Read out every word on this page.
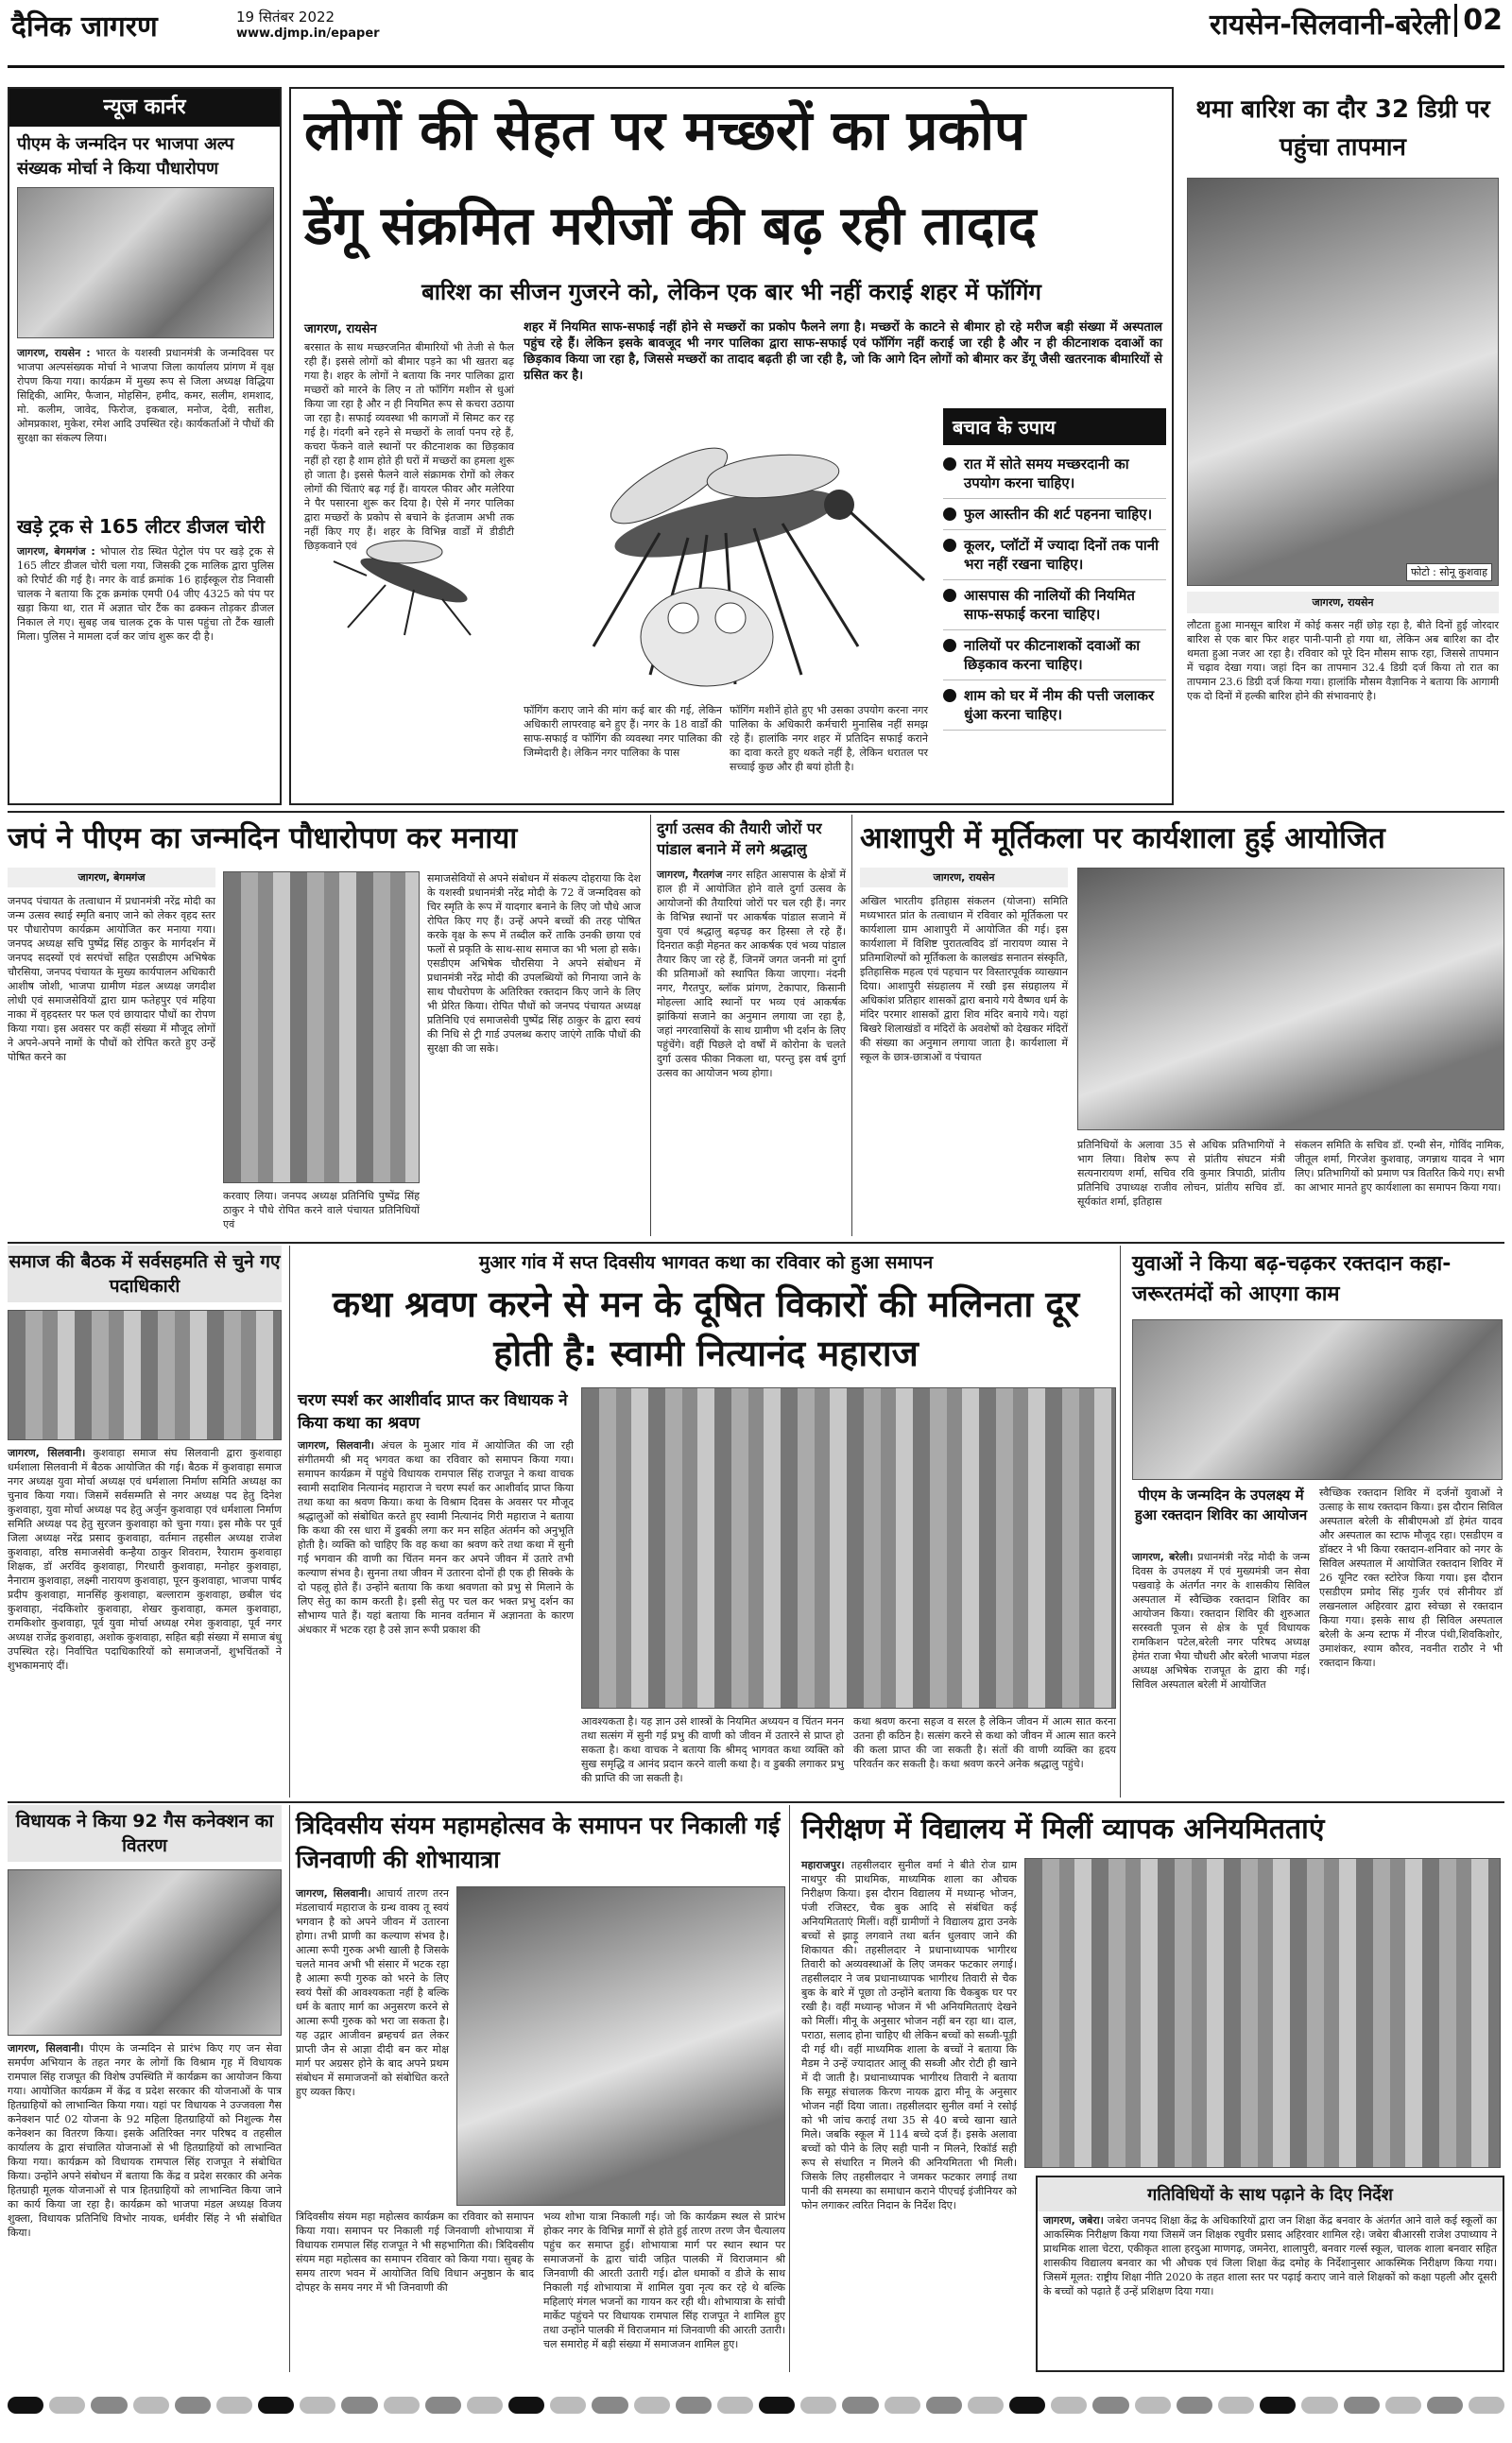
दैनिक जागरण	19 सितंबर 2022
www.djmp.in/epaper	रायसेन-सिलवानी-बरेली 02
न्यूज कार्नर
पीएम के जन्मदिन पर भाजपा अल्प संख्यक मोर्चा ने किया पौधारोपण
जागरण, रायसेन : भारत के यशस्वी प्रधानमंत्री के जन्मदिवस पर भाजपा अल्पसंख्यक मोर्चा ने भाजपा जिला कार्यालय प्रांगण में वृक्ष रोपण किया गया। कार्यक्रम में मुख्य रूप से जिला अध्यक्ष विद्धिया सिद्दिकी, आमिर, फैजान, मोहसिन, हमीद, कमर, सलीम, शमशाद, मो. कलीम, जावेद, फिरोज, इकबाल, मनोज, देवी, सतीश, ओमप्रकाश, मुकेश, रमेश आदि उपस्थित रहे। कार्यकर्ताओं ने पौधों की सुरक्षा का संकल्प लिया।
खड़े ट्रक से 165 लीटर डीजल चोरी
जागरण, बेगमगंज : भोपाल रोड स्थित पेट्रोल पंप पर खड़े ट्रक से 165 लीटर डीजल चोरी चला गया, जिसकी ट्रक मालिक द्वारा पुलिस को रिपोर्ट की गई है। नगर के वार्ड क्रमांक 16 हाईस्कूल रोड निवासी चालक ने बताया कि ट्रक क्रमांक एमपी 04 जीए 4325 को पंप पर खड़ा किया था, रात में अज्ञात चोर टैंक का ढक्कन तोड़कर डीजल निकाल ले गए। सुबह जब चालक ट्रक के पास पहुंचा तो टैंक खाली मिला। पुलिस ने मामला दर्ज कर जांच शुरू कर दी है।
लोगों की सेहत पर मच्छरों का प्रकोप
डेंगू संक्रमित मरीजों की बढ़ रही तादाद
बारिश का सीजन गुजरने को, लेकिन एक बार भी नहीं कराई शहर में फॉगिंग
जागरण, रायसेन	शहर में नियमित साफ-सफाई नहीं होने से मच्छरों का प्रकोप फैलने लगा है। मच्छरों के काटने से बीमार हो रहे मरीज बड़ी संख्या में अस्पताल पहुंच रहे हैं। लेकिन इसके बावजूद भी नगर पालिका द्वारा साफ-सफाई एवं फॉगिंग नहीं कराई जा रही है और न ही कीटनाशक दवाओं का छिड़काव किया जा रहा है, जिससे मच्छरों का तादाद बढ़ती ही जा रही है, जो कि आगे दिन लोगों को बीमार कर डेंगू जैसी खतरनाक बीमारियों से ग्रसित कर है।
बरसात के साथ मच्छरजनित बीमारियों भी तेजी से फैल रही हैं। इससे लोगों को बीमार पड़ने का भी खतरा बढ़ गया है। शहर के लोगों ने बताया कि नगर पालिका द्वारा मच्छरों को मारने के लिए न तो फॉगिंग मशीन से धुआं किया जा रहा है और न ही नियमित रूप से कचरा उठाया जा रहा है। सफाई व्यवस्था भी कागजों में सिमट कर रह गई है। गंदगी बने रहने से मच्छरों के लार्वा पनप रहे हैं, कचरा फेंकने वाले स्थानों पर कीटनाशक का छिड़काव नहीं हो रहा है शाम होते ही घरों में मच्छरों का हमला शुरू हो जाता है। इससे फैलने वाले संक्रामक रोगों को लेकर लोगों की चिंताएं बढ़ गई हैं। वायरल फीवर और मलेरिया ने पैर पसारना शुरू कर दिया है। ऐसे में नगर पालिका द्वारा मच्छरों के प्रकोप से बचाने के इंतजाम अभी तक नहीं किए गए हैं। शहर के विभिन्न वार्डों में डीडीटी छिड़कवाने एवं
फॉगिंग कराए जाने की मांग कई बार की गई, लेकिन अधिकारी लापरवाह बने हुए हैं। नगर के 18 वार्डों की साफ-सफाई व फॉगिंग की व्यवस्था नगर पालिका की जिम्मेदारी है। लेकिन नगर पालिका के पास
फॉगिंग मशीनें होते हुए भी उसका उपयोग करना नगर पालिका के अधिकारी कर्मचारी मुनासिब नहीं समझ रहे हैं। हालांकि नगर शहर में प्रतिदिन सफाई कराने का दावा करते हुए थकते नहीं है, लेकिन धरातल पर सच्चाई कुछ और ही बयां होती है।
बचाव के उपाय
रात में सोते समय मच्छरदानी का उपयोग करना चाहिए।
फुल आस्तीन की शर्ट पहनना चाहिए।
कूलर, प्लॉटों में ज्यादा दिनों तक पानी भरा नहीं रखना चाहिए।
आसपास की नालियों की नियमित साफ-सफाई करना चाहिए।
नालियों पर कीटनाशकों दवाओं का छिड़काव करना चाहिए।
शाम को घर में नीम की पत्ती जलाकर धुंआ करना चाहिए।
थमा बारिश का दौर 32 डिग्री पर पहुंचा तापमान
फोटो : सोनू कुशवाह
जागरण, रायसेन
लौटता हुआ मानसून बारिश में कोई कसर नहीं छोड़ रहा है, बीते दिनों हुई जोरदार बारिश से एक बार फिर शहर पानी-पानी हो गया था, लेकिन अब बारिश का दौर थमता हुआ नजर आ रहा है। रविवार को पूरे दिन मौसम साफ रहा, जिससे तापमान में चढ़ाव देखा गया। जहां दिन का तापमान 32.4 डिग्री दर्ज किया तो रात का तापमान 23.6 डिग्री दर्ज किया गया। हालांकि मौसम वैज्ञानिक ने बताया कि आगामी एक दो दिनों में हल्की बारिश होने की संभावनाएं है।
जपं ने पीएम का जन्मदिन पौधारोपण कर मनाया
जागरण, बेगमगंज
जनपद पंचायत के तत्वाधान में प्रधानमंत्री नरेंद्र मोदी का जन्म उत्सव स्थाई स्मृति बनाए जाने को लेकर वृहद स्तर पर पौधारोपण कार्यक्रम आयोजित कर मनाया गया। जनपद अध्यक्ष सचि पुष्पेंद्र सिंह ठाकुर के मार्गदर्शन में जनपद सदस्यों एवं सरपंचों सहित एसडीएम अभिषेक चौरसिया, जनपद पंचायत के मुख्य कार्यपालन अधिकारी आशीष जोशी, भाजपा ग्रामीण मंडल अध्यक्ष जगदीश लोधी एवं समाजसेवियों द्वारा ग्राम फतेहपुर एवं महिया नाका में वृहदस्तर पर फल एवं छायादार पौधों का रोपण किया गया। इस अवसर पर कहीं संख्या में मौजूद लोगों ने अपने-अपने नामों के पौधों को रोपित करते हुए उन्हें पोषित करने का
करवाए लिया। जनपद अध्यक्ष प्रतिनिधि पुष्पेंद्र सिंह ठाकुर ने पौधे रोपित करने वाले पंचायत प्रतिनिधियों एवं
समाजसेवियों से अपने संबोधन में संकल्प दोहराया कि देश के यशस्वी प्रधानमंत्री नरेंद्र मोदी के 72 वें जन्मदिवस को चिर स्मृति के रूप में यादगार बनाने के लिए जो पौधे आज रोपित किए गए हैं। उन्हें अपने बच्चों की तरह पोषित करके वृक्ष के रूप में तब्दील करें ताकि उनकी छाया एवं फलों से प्रकृति के साथ-साथ समाज का भी भला हो सके। एसडीएम अभिषेक चौरसिया ने अपने संबोधन में प्रधानमंत्री नरेंद्र मोदी की उपलब्धियों को गिनाया जाने के साथ पौधरोपण के अतिरिक्त रक्तदान किए जाने के लिए भी प्रेरित किया। रोपित पौधों को जनपद पंचायत अध्यक्ष प्रतिनिधि एवं समाजसेवी पुष्पेंद्र सिंह ठाकुर के द्वारा स्वयं की निधि से ट्री गार्ड उपलब्ध कराए जाएंगे ताकि पौधों की सुरक्षा की जा सके।
दुर्गा उत्सव की तैयारी जोरों पर पांडाल बनाने में लगे श्रद्धालु
जागरण, गैरतगंज नगर सहित आसपास के क्षेत्रों में हाल ही में आयोजित होने वाले दुर्गा उत्सव के आयोजनों की तैयारियां जोरों पर चल रही हैं। नगर के विभिन्न स्थानों पर आकर्षक पांडाल सजाने में युवा एवं श्रद्धालु बढ़चढ़ कर हिस्सा ले रहे हैं। दिनरात कड़ी मेहनत कर आकर्षक एवं भव्य पांडाल तैयार किए जा रहे हैं, जिनमें जगत जननी मां दुर्गा की प्रतिमाओं को स्थापित किया जाएगा। नंदनी नगर, गैरतपुर, ब्लॉक प्रांगण, टेकापार, किसानी मोहल्ला आदि स्थानों पर भव्य एवं आकर्षक झांकियां सजाने का अनुमान लगाया जा रहा है, जहां नगरवासियों के साथ ग्रामीण भी दर्शन के लिए पहुंचेंगे। वहीं पिछले दो वर्षों में कोरोना के चलते दुर्गा उत्सव फीका निकला था, परन्तु इस वर्ष दुर्गा उत्सव का आयोजन भव्य होगा।
आशापुरी में मूर्तिकला पर कार्यशाला हुई आयोजित
जागरण, रायसेन
अखिल भारतीय इतिहास संकलन (योजना) समिति मध्यभारत प्रांत के तत्वाधान में रविवार को मूर्तिकला पर कार्यशाला ग्राम आशापुरी में आयोजित की गई। इस कार्यशाला में विशिष्ट पुरातत्वविद डॉ नारायण व्यास ने प्रतिमाशिल्पों को मूर्तिकला के कालखंड सनातन संस्कृति, इतिहासिक महत्व एवं पहचान पर विस्तारपूर्वक व्याख्यान दिया। आशापुरी संग्रहालय में रखी इस संग्रहालय में अधिकांश प्रतिहार शासकों द्वारा बनाये गये वैष्णव धर्म के मंदिर परमार शासकों द्वारा शिव मंदिर बनाये गये। यहां बिखरे शिलाखंडों व मंदिरों के अवशेषों को देखकर मंदिरों की संख्या का अनुमान लगाया जाता है। कार्यशाला में स्कूल के छात्र-छात्राओं व पंचायत
प्रतिनिधियों के अलावा 35 से अधिक प्रतिभागियों ने भाग लिया। विशेष रूप से प्रांतीय संघटन मंत्री सत्यनारायण शर्मा, सचिव रवि कुमार त्रिपाठी, प्रांतीय प्रतिनिधि उपाध्यक्ष राजीव लोचन, प्रांतीय सचिव डॉ. सूर्यकांत शर्मा, इतिहास
संकलन समिति के सचिव डॉ. एन्थी सेन, गोविंद नामिक, जीतूल शर्मा, गिरजेश कुशवाह, जगन्नाथ यादव ने भाग लिए। प्रतिभागियों को प्रमाण पत्र वितरित किये गए। सभी का आभार मानते हुए कार्यशाला का समापन किया गया।
समाज की बैठक में सर्वसहमति से चुने गए पदाधिकारी
जागरण, सिलवानी। कुशवाहा समाज संघ सिलवानी द्वारा कुशवाहा धर्मशाला सिलवानी में बैठक आयोजित की गई। बैठक में कुशवाहा समाज नगर अध्यक्ष युवा मोर्चा अध्यक्ष एवं धर्मशाला निर्माण समिति अध्यक्ष का चुनाव किया गया। जिसमें सर्वसम्मति से नगर अध्यक्ष पद हेतु दिनेश कुशवाहा, युवा मोर्चा अध्यक्ष पद हेतु अर्जुन कुशवाहा एवं धर्मशाला निर्माण समिति अध्यक्ष पद हेतु सुरजन कुशवाहा को चुना गया। इस मौके पर पूर्व जिला अध्यक्ष नरेंद्र प्रसाद कुशवाहा, वर्तमान तहसील अध्यक्ष राजेश कुशवाहा, वरिष्ठ समाजसेवी कन्हैया ठाकुर शिवराम, रैयाराम कुशवाहा शिक्षक, डॉ अरविंद कुशवाहा, गिरधारी कुशवाहा, मनोहर कुशवाहा, नैनाराम कुशवाहा, लक्ष्मी नारायण कुशवाहा, पूरन कुशवाहा, भाजपा पार्षद प्रदीप कुशवाहा, मानसिंह कुशवाहा, बल्लाराम कुशवाहा, छबील चंद कुशवाहा, नंदकिशोर कुशवाहा, शेखर कुशवाहा, कमल कुशवाहा, रामकिशोर कुशवाहा, पूर्व युवा मोर्चा अध्यक्ष रमेश कुशवाहा, पूर्व नगर अध्यक्ष राजेंद्र कुशवाहा, अशोक कुशवाहा, सहित बड़ी संख्या में समाज बंधु उपस्थित रहे। निर्वाचित पदाधिकारियों को समाजजनों, शुभचिंतकों ने शुभकामनाएं दीं।
मुआर गांव में सप्त दिवसीय भागवत कथा का रविवार को हुआ समापन
कथा श्रवण करने से मन के दूषित विकारों की मलिनता दूर होती है: स्वामी नित्यानंद महाराज
चरण स्पर्श कर आशीर्वाद प्राप्त कर विधायक ने किया कथा का श्रवण
जागरण, सिलवानी। अंचल के मुआर गांव में आयोजित की जा रही संगीतमयी श्री मद् भगवत कथा का रविवार को समापन किया गया। समापन कार्यक्रम में पहुंचे विधायक रामपाल सिंह राजपूत ने कथा वाचक स्वामी सदाशिव नित्यानंद महाराज ने चरण स्पर्श कर आशीर्वाद प्राप्त किया तथा कथा का श्रवण किया। कथा के विश्राम दिवस के अवसर पर मौजूद श्रद्धालुओं को संबोधित करते हुए स्वामी नित्यानंद गिरी महाराज ने बताया कि कथा की रस धारा में डुबकी लगा कर मन सहित अंतर्मन को अनुभूति होती है। व्यक्ति को चाहिए कि वह कथा का श्रवण करे तथा कथा में सुनी गई भगवान की वाणी का चिंतन मनन कर अपने जीवन में उतारे तभी कल्याण संभव है। सुनना तथा जीवन में उतारना दोनों ही एक ही सिक्के के दो पहलू होते हैं। उन्होंने बताया कि कथा श्रवणता को प्रभु से मिलाने के लिए सेतु का काम करती है। इसी सेतु पर चल कर भक्त प्रभु दर्शन का सौभाग्य पाते हैं। यहां बताया कि मानव वर्तमान में अज्ञानता के कारण अंधकार में भटक रहा है उसे ज्ञान रूपी प्रकाश की
आवश्यकता है। यह ज्ञान उसे शास्त्रों के नियमित अध्ययन व चिंतन मनन तथा सत्संग में सुनी गई प्रभु की वाणी को जीवन में उतारने से प्राप्त हो सकता है। कथा वाचक ने बताया कि श्रीमद् भागवत कथा व्यक्ति को सुख समृद्धि व आनंद प्रदान करने वाली कथा है। व डुबकी लगाकर प्रभु की प्राप्ति की जा सकती है।
कथा श्रवण करना सहज व सरल है लेकिन जीवन में आत्म सात करना उतना ही कठिन है। सत्संग करने से कथा को जीवन में आत्म सात करने की कला प्राप्त की जा सकती है। संतों की वाणी व्यक्ति का हृदय परिवर्तन कर सकती है। कथा श्रवण करने अनेक श्रद्धालु पहुंचे।
युवाओं ने किया बढ़-चढ़कर रक्तदान कहा- जरूरतमंदों को आएगा काम
पीएम के जन्मदिन के उपलक्ष्य में हुआ रक्तदान शिविर का आयोजन
जागरण, बरेली। प्रधानमंत्री नरेंद्र मोदी के जन्म दिवस के उपलक्ष्य में एवं मुख्यमंत्री जन सेवा पखवाड़े के अंतर्गत नगर के शासकीय सिविल अस्पताल में स्वैच्छिक रक्तदान शिविर का आयोजन किया। रक्तदान शिविर की शुरुआत सरस्वती पूजन से क्षेत्र के पूर्व विधायक रामकिशन पटेल,बरेली नगर परिषद अध्यक्ष हेमंत राजा भैया चौधरी और बरेली भाजपा मंडल अध्यक्ष अभिषेक राजपूत के द्वारा की गई। सिविल अस्पताल बरेली में आयोजित
स्वैच्छिक रक्तदान शिविर में दर्जनों युवाओं ने उत्साह के साथ रक्तदान किया। इस दौरान सिविल अस्पताल बरेली के सीबीएमओ डॉ हेमंत यादव और अस्पताल का स्टाफ मौजूद रहा। एसडीएम व डॉक्टर ने भी किया रक्तदान-शनिवार को नगर के सिविल अस्पताल में आयोजित रक्तदान शिविर में 26 यूनिट रक्त स्टोरेज किया गया। इस दौरान एसडीएम प्रमोद सिंह गुर्जर एवं सीनीयर डॉ लखनलाल अहिरवार द्वारा स्वेच्छा से रक्तदान किया गया। इसके साथ ही सिविल अस्पताल बरेली के अन्य स्टाफ में नीरज पंथी,शिवकिशोर, उमाशंकर, श्याम कौरव, नवनीत राठौर ने भी रक्तदान किया।
विधायक ने किया 92 गैस कनेक्शन का वितरण
जागरण, सिलवानी। पीएम के जन्मदिन से प्रारंभ किए गए जन सेवा समर्पण अभियान के तहत नगर के लोगों कि विश्राम गृह में विधायक रामपाल सिंह राजपूत की विशेष उपस्थिति में कार्यक्रम का आयोजन किया गया। आयोजित कार्यक्रम में केंद्र व प्रदेश सरकार की योजनाओं के पात्र हितग्राहियों को लाभान्वित किया गया। यहां पर विधायक ने उज्जवला गैस कनेक्शन पार्ट 02 योजना के 92 महिला हितग्राहियों को निशुल्क गैस कनेक्शन का वितरण किया। इसके अतिरिक्त नगर परिषद व तहसील कार्यालय के द्वारा संचालित योजनाओं से भी हितग्राहियों को लाभान्वित किया गया। कार्यक्रम को विधायक रामपाल सिंह राजपूत ने संबोधित किया। उन्होंने अपने संबोधन में बताया कि केंद्र व प्रदेश सरकार की अनेक हितग्राही मूलक योजनाओं से पात्र हितग्राहियों को लाभान्वित किया जाने का कार्य किया जा रहा है। कार्यक्रम को भाजपा मंडल अध्यक्ष विजय शुक्ला, विधायक प्रतिनिधि विभोर नायक, धर्मवीर सिंह ने भी संबोधित किया।
त्रिदिवसीय संयम महामहोत्सव के समापन पर निकाली गई जिनवाणी की शोभायात्रा
जागरण, सिलवानी। आचार्य तारण तरन मंडलाचार्य महाराज के ग्रन्थ वाक्य तू स्वयं भगवान है को अपने जीवन में उतारना होगा। तभी प्राणी का कल्याण संभव है। आत्मा रूपी गुरुक अभी खाली है जिसके चलते मानव अभी भी संसार में भटक रहा है आत्मा रूपी गुरुक को भरने के लिए स्वयं पैसों की आवश्यकता नहीं है बल्कि धर्म के बताए मार्ग का अनुसरण करने से आत्मा रूपी गुरुक को भरा जा सकता है। यह उद्गार आजीवन ब्रम्हचर्य व्रत लेकर प्राप्ती जैन से आज्ञा दीदी बन कर मोक्ष मार्ग पर अग्रसर होने के बाद अपने प्रथम संबोधन में समाजजनों को संबोधित करते हुए व्यक्त किए।
त्रिदिवसीय संयम महा महोत्सव कार्यक्रम का रविवार को समापन किया गया। समापन पर निकाली गई जिनवाणी शोभायात्रा में विधायक रामपाल सिंह राजपूत ने भी सहभागिता की। त्रिदिवसीय संयम महा महोत्सव का समापन रविवार को किया गया। सुबह के समय तारण भवन में आयोजित विधि विधान अनुष्ठान के बाद दोपहर के समय नगर में भी जिनवाणी की
भव्य शोभा यात्रा निकाली गई। जो कि कार्यक्रम स्थल से प्रारंभ होकर नगर के विभिन्न मार्गों से होते हुई तारण तरण जैन चैत्यालय पहुंच कर समाप्त हुई। शोभायात्रा मार्ग पर स्थान स्थान पर समाजजनों के द्वारा चांदी जड़ित पालकी में विराजमान श्री जिनवाणी की आरती उतारी गई। ढोल धमाकों व डीजे के साथ निकाली गई शोभायात्रा में शामिल युवा नृत्य कर रहे थे बल्कि महिलाएं मंगल भजनों का गायन कर रही थी। शोभायात्रा के सांची मार्केट पहुंचने पर विधायक रामपाल सिंह राजपूत ने शामिल हुए तथा उन्होंने पालकी में विराजमान मां जिनवाणी की आरती उतारी। चल समारोह में बड़ी संख्या में समाजजन शामिल हुए।
निरीक्षण में विद्यालय में मिलीं व्यापक अनियमितताएं
महाराजपुर। तहसीलदार सुनील वर्मा ने बीते रोज ग्राम नाथपुर की प्राथमिक, माध्यमिक शाला का औचक निरीक्षण किया। इस दौरान विद्यालय में मध्यान्ह भोजन, पंजी रजिस्टर, चैक बुक आदि से संबंधित कई अनियमितताएं मिलीं। वहीं ग्रामीणों ने विद्यालय द्वारा उनके बच्चों से झाड़ू लगवाने तथा बर्तन धुलवाए जाने की शिकायत की। तहसीलदार ने प्रधानाध्यापक भागीरथ तिवारी को अव्यवस्थाओं के लिए जमकर फटकार लगाई। तहसीलदार ने जब प्रधानाध्यापक भागीरथ तिवारी से चैक बुक के बारे में पूछा तो उन्होंने बताया कि चैकबुक घर पर रखी है। वहीं मध्यान्ह भोजन में भी अनियमितताएं देखने को मिलीं। मीनू के अनुसार भोजन नहीं बन रहा था। दाल, पराठा, सलाद होना चाहिए थी लेकिन बच्चों को सब्जी-पूड़ी दी गई थी। वहीं माध्यमिक शाला के बच्चों ने बताया कि मैडम ने उन्हें ज्यादातर आलू की सब्जी और रोटी ही खाने में दी जाती है। प्रधानाध्यापक भागीरथ तिवारी ने बताया कि समूह संचालक किरण नायक द्वारा मीनू के अनुसार भोजन नहीं दिया जाता। तहसीलदार सुनील वर्मा ने रसोई को भी जांच कराई तथा 35 से 40 बच्चे खाना खाते मिले। जबकि स्कूल में 114 बच्चे दर्ज हैं। इसके अलावा बच्चों को पीने के लिए सही पानी न मिलने, रिकॉर्ड सही रूप से संधारित न मिलने की अनियमितता भी मिली। जिसके लिए तहसीलदार ने जमकर फटकार लगाई तथा पानी की समस्या का समाधान कराने पीएचई इंजीनियर को फोन लगाकर त्वरित निदान के निर्देश दिए।
गतिविधियों के साथ पढ़ाने के दिए निर्देश
जागरण, जबेरा। जबेरा जनपद शिक्षा केंद्र के अधिकारियों द्वारा जन शिक्षा केंद्र बनवार के अंतर्गत आने वाले कई स्कूलों का आकस्मिक निरीक्षण किया गया जिसमें जन शिक्षक रघुवीर प्रसाद अहिरवार शामिल रहे। जबेरा बीआरसी राजेश उपाध्याय ने प्राथमिक शाला चेटरा, एकीकृत शाला हरदुआ माणगढ़, जमनेरा, शालापुरी, बनवार गर्ल्स स्कूल, चालक शाला बनवार सहित शासकीय विद्यालय बनवार का भी औचक एवं जिला शिक्षा केंद्र दमोह के निर्देशानुसार आकस्मिक निरीक्षण किया गया। जिसमें मूलत: राष्ट्रीय शिक्षा नीति 2020 के तहत शाला स्तर पर पढ़ाई कराए जाने वाले शिक्षकों को कक्षा पहली और दूसरी के बच्चों को पढ़ाते हैं उन्हें प्रशिक्षण दिया गया।
